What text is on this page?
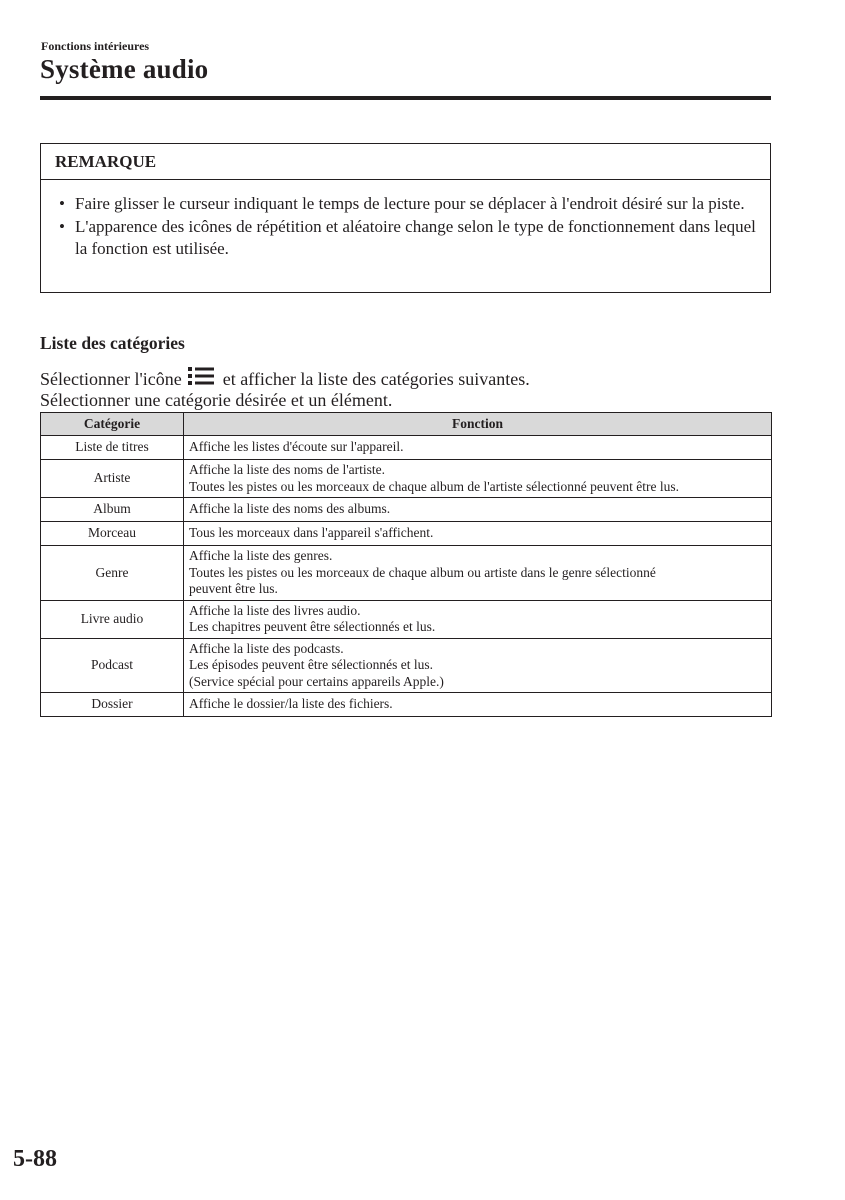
Fonctions intérieures
Système audio
REMARQUE
• Faire glisser le curseur indiquant le temps de lecture pour se déplacer à l'endroit désiré sur la piste.
• L'apparence des icônes de répétition et aléatoire change selon le type de fonctionnement dans lequel la fonction est utilisée.
Liste des catégories
Sélectionner l'icône et afficher la liste des catégories suivantes.
Sélectionner une catégorie désirée et un élément.
Catégorie	Fonction
Liste de titres	Affiche les listes d'écoute sur l'appareil.

Artiste	Affiche la liste des noms de l'artiste.
Toutes les pistes ou les morceaux de chaque album de l'artiste sélectionné peuvent être lus.

Album	Affiche la liste des noms des albums.

Morceau	Tous les morceaux dans l'appareil s'affichent.

Genre	Affiche la liste des genres.
Toutes les pistes ou les morceaux de chaque album ou artiste dans le genre sélectionné
peuvent être lus.

Livre audio	Affiche la liste des livres audio.
Les chapitres peuvent être sélectionnés et lus.

Podcast	Affiche la liste des podcasts.
Les épisodes peuvent être sélectionnés et lus.
(Service spécial pour certains appareils Apple.)

Dossier	Affiche le dossier/la liste des fichiers.
5-88
